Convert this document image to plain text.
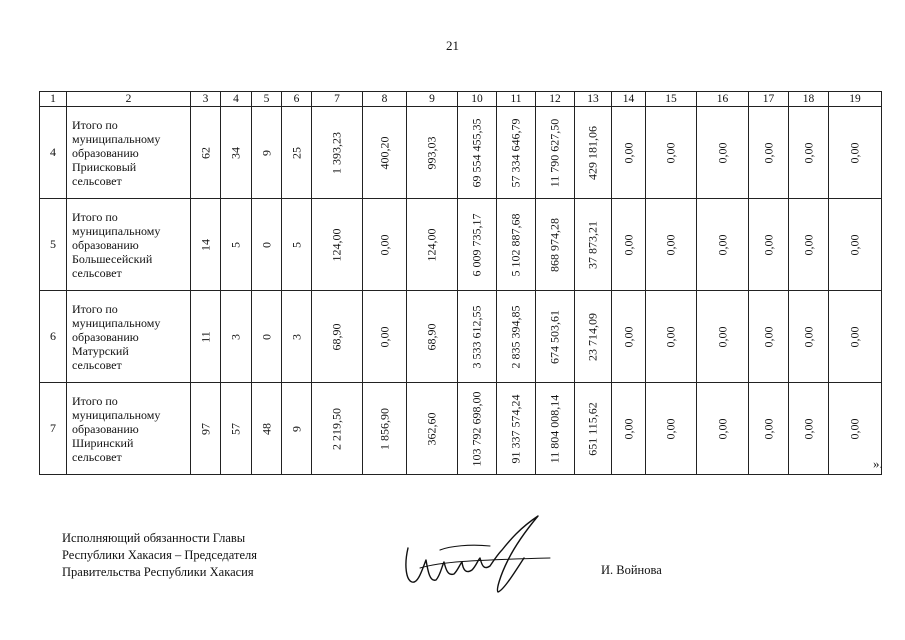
21
1	2	3	4	5	6	7	8	9	10	11	12	13	14	15	16	17	18	19
4	Итого по
муниципальному
образованию
Приисковый
сельсовет	62	34	9	25	1 393,23	400,20	993,03	69 554 455,35	57 334 646,79	11 790 627,50	429 181,06	0,00	0,00	0,00	0,00	0,00	0,00

5	Итого по
муниципальному
образованию
Большесейский
сельсовет	14	5	0	5	124,00	0,00	124,00	6 009 735,17	5 102 887,68	868 974,28	37 873,21	0,00	0,00	0,00	0,00	0,00	0,00

6	Итого по
муниципальному
образованию
Матурский
сельсовет	11	3	0	3	68,90	0,00	68,90	3 533 612,55	2 835 394,85	674 503,61	23 714,09	0,00	0,00	0,00	0,00	0,00	0,00

7	Итого по
муниципальному
образованию
Ширинский
сельсовет	97	57	48	9	2 219,50	1 856,90	362,60	103 792 698,00	91 337 574,24	11 804 008,14	651 115,62	0,00	0,00	0,00	0,00	0,00	0,00
».
Исполняющий обязанности Главы
Республики Хакасия – Председателя
Правительства Республики Хакасия	И. Войнова
